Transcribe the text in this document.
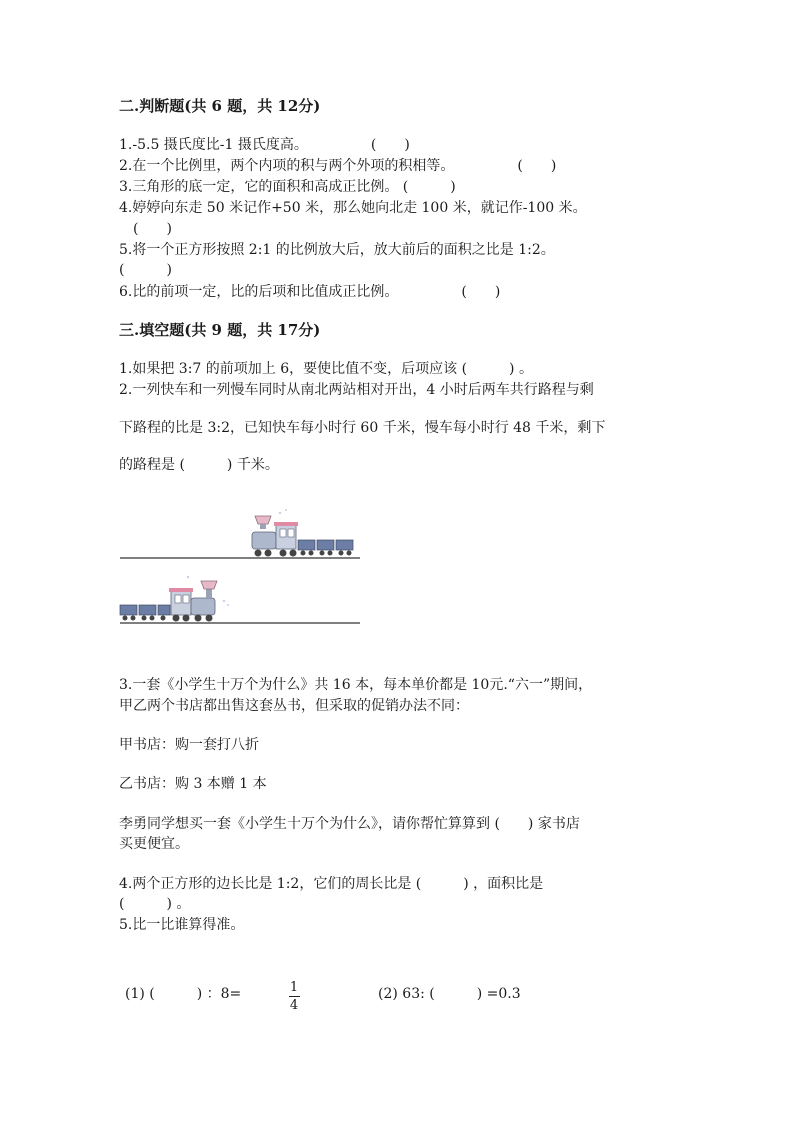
二.判断题(共 6 题，共 12分)
1.-5.5 摄氏度比-1 摄氏度高。　　　　　(　　)
2.在一个比例里，两个内项的积与两个外项的积相等。　　　　　(　　)
3.三角形的底一定，它的面积和高成正比例。 (　　　)
4.婷婷向东走 50 米记作+50 米，那么她向北走 100 米，就记作-100 米。
　(　　)
5.将一个正方形按照 2:1 的比例放大后，放大前后的面积之比是 1:2。
(　　　)
6.比的前项一定，比的后项和比值成正比例。　　　　　(　　)
三.填空题(共 9 题，共 17分)
1.如果把 3:7 的前项加上 6，要使比值不变，后项应该 (　　　) 。
2.一列快车和一列慢车同时从南北两站相对开出，4 小时后两车共行路程与剩
下路程的比是 3:2，已知快车每小时行 60 千米，慢车每小时行 48 千米，剩下
的路程是 (　　　) 千米。
3.一套《小学生十万个为什么》共 16 本，每本单价都是 10元.“六一”期间，
甲乙两个书店都出售这套丛书，但采取的促销办法不同：
甲书店：购一套打八折
乙书店：购 3 本赠 1 本
李勇同学想买一套《小学生十万个为什么》，请你帮忙算算到 (　　) 家书店
买更便宜。
4.两个正方形的边长比是 1:2，它们的周长比是 (　　　) ，面积比是
(　　　) 。
5.比一比谁算得准。
(1) (　　　) ：8=	1
4
(2) 63: (　　　) =0.3
